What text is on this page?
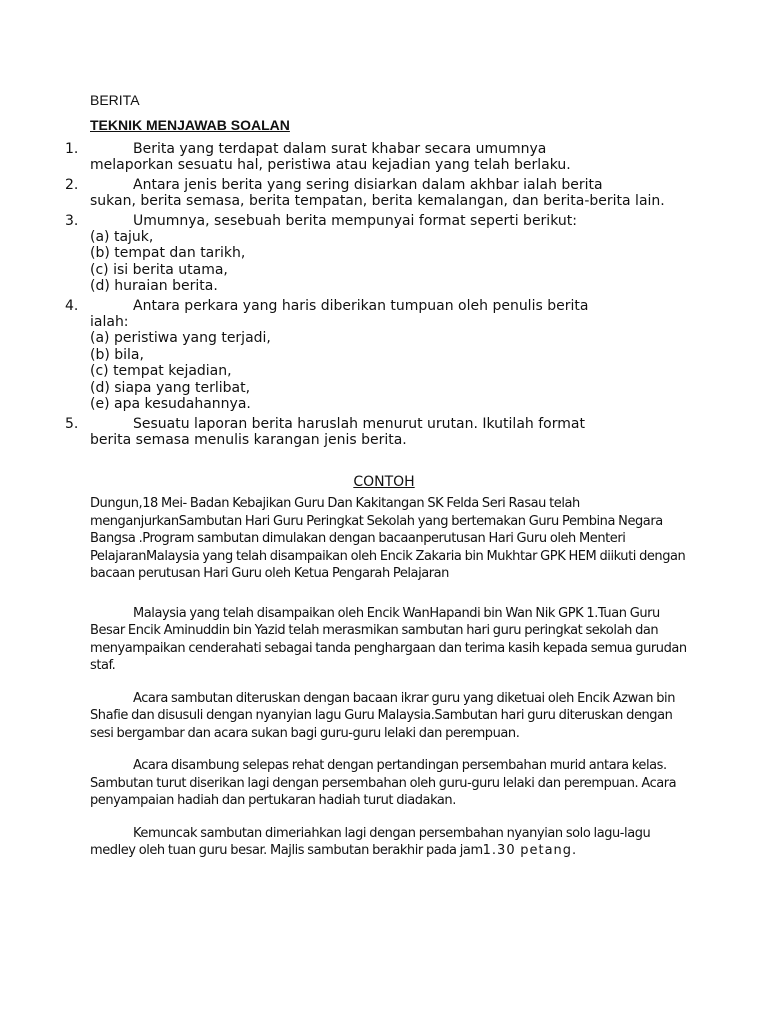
BERITA
TEKNIK MENJAWAB SOALAN
1.	Berita yang terdapat dalam surat khabar secara umumnya
melaporkan sesuatu hal, peristiwa atau kejadian yang telah berlaku.
2.	Antara jenis berita yang sering disiarkan dalam akhbar ialah berita
sukan, berita semasa, berita tempatan, berita kemalangan, dan berita-berita lain.
3.	Umumnya, sesebuah berita mempunyai format seperti berikut:
(a) tajuk,
(b) tempat dan tarikh,
(c) isi berita utama,
(d) huraian berita.
4.	Antara perkara yang haris diberikan tumpuan oleh penulis berita
ialah:
(a) peristiwa yang terjadi,
(b) bila,
(c) tempat kejadian,
(d) siapa yang terlibat,
(e) apa kesudahannya.
5.	Sesuatu laporan berita haruslah menurut urutan. Ikutilah format
berita semasa menulis karangan jenis berita.
CONTOH

Dungun,18 Mei- Badan Kebajikan Guru Dan Kakitangan SK Felda Seri Rasau telah menganjurkanSambutan Hari Guru Peringkat Sekolah yang bertemakan Guru Pembina Negara Bangsa .Program sambutan dimulakan dengan bacaanperutusan Hari Guru oleh Menteri PelajaranMalaysia yang telah disampaikan oleh Encik Zakaria bin Mukhtar GPK HEM diikuti dengan bacaan perutusan Hari Guru oleh Ketua Pengarah Pelajaran

Malaysia yang telah disampaikan oleh Encik WanHapandi bin Wan Nik GPK 1.Tuan Guru Besar Encik Aminuddin bin Yazid telah merasmikan sambutan hari guru peringkat sekolah dan menyampaikan cenderahati sebagai tanda penghargaan dan terima kasih kepada semua gurudan staf.

Acara sambutan diteruskan dengan bacaan ikrar guru yang diketuai oleh Encik Azwan bin Shafie dan disusuli dengan nyanyian lagu Guru Malaysia.Sambutan hari guru diteruskan dengan sesi bergambar dan acara sukan bagi guru-guru lelaki dan perempuan.

Acara disambung selepas rehat dengan pertandingan persembahan murid antara kelas. Sambutan turut diserikan lagi dengan persembahan oleh guru-guru lelaki dan perempuan. Acara penyampaian hadiah dan pertukaran hadiah turut diadakan.

Kemuncak sambutan dimeriahkan lagi dengan persembahan nyanyian solo lagu-lagu medley oleh tuan guru besar. Majlis sambutan berakhir pada jam1.30 petang.
